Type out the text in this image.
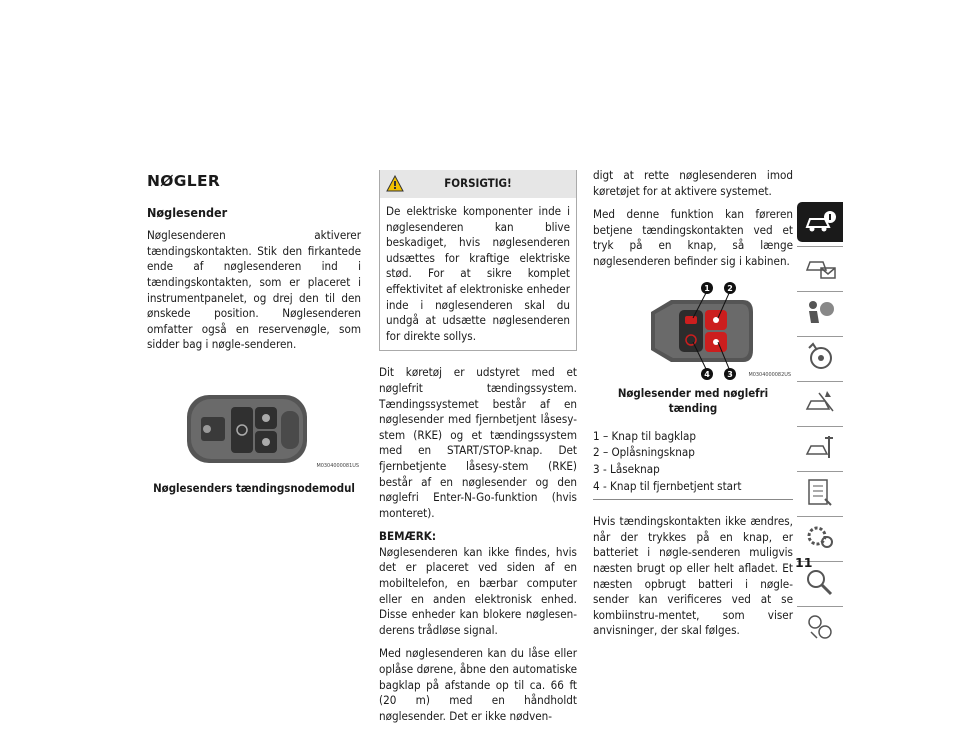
NØGLER
Nøglesender

Nøglesenderen aktiverer tændingskontakten. Stik den firkantede ende af nøglesenderen ind i tændingskontakten, som er placeret i instrumentpanelet, og drej den til den ønskede position. Nøglesenderen omfatter også en reservenøgle, som sidder bag i nøgle-senderen.

M0304000081US
Nøglesenders tændingsnodemodul
FORSIGTIG!
De elektriske komponenter inde i nøglesenderen kan blive beskadiget, hvis nøglesenderen udsættes for kraftige elektriske stød. For at sikre komplet effektivitet af elektroniske enheder inde i nøglesenderen skal du undgå at udsætte nøglesenderen for direkte sollys.

Dit køretøj er udstyret med et nøglefrit tændingssystem. Tændingssystemet består af en nøglesender med fjernbetjent låsesy-stem (RKE) og et tændingssystem med en START/STOP-knap. Det fjernbetjente låsesy-stem (RKE) består af en nøglesender og den nøglefri Enter-N-Go-funktion (hvis monteret).

BEMÆRK:

Nøglesenderen kan ikke findes, hvis det er placeret ved siden af en mobiltelefon, en bærbar computer eller en anden elektronisk enhed. Disse enheder kan blokere nøglesen-derens trådløse signal.

Med nøglesenderen kan du låse eller oplåse dørene, åbne den automatiske bagklap på afstande op til ca. 66 ft (20 m) med en håndholdt nøglesender. Det er ikke nødven-

digt at rette nøglesenderen imod køretøjet for at aktivere systemet.

Med denne funktion kan føreren betjene tændingskontakten ved et tryk på en knap, så længe nøglesenderen befinder sig i kabinen.

1 2
3
4	M0304000082US
Nøglesender med nøglefri tænding
1 – Knap til bagklap
2 – Oplåsningsknap
3 - Låseknap
4 - Knap til fjernbetjent start

Hvis tændingskontakten ikke ændres, når der trykkes på en knap, er batteriet i nøgle-senderen muligvis næsten brugt op eller helt afladet. Et næsten opbrugt batteri i nøgle-sender kan verificeres ved at se kombiinstru-mentet, som viser anvisninger, der skal følges.

11
